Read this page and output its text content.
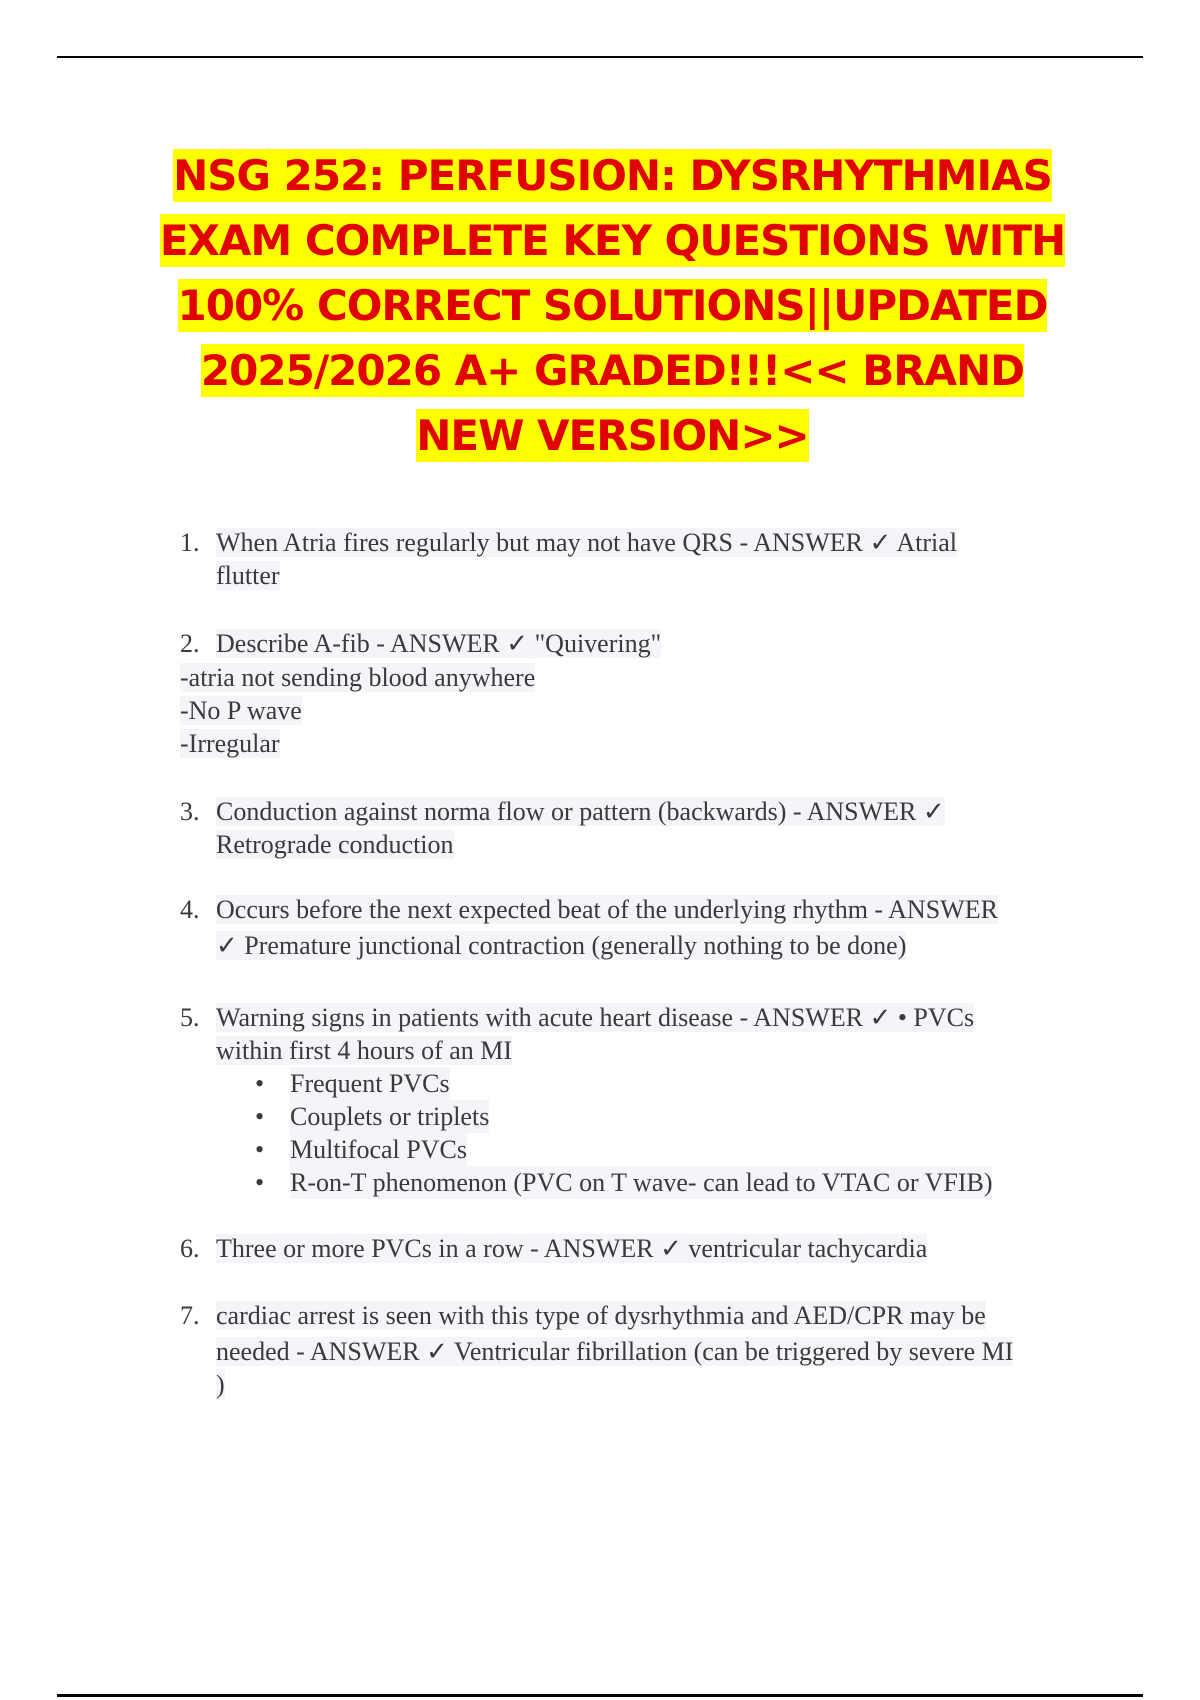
NSG 252: PERFUSION: DYSRHYTHMIAS EXAM COMPLETE KEY QUESTIONS WITH 100% CORRECT SOLUTIONS||UPDATED 2025/2026 A+ GRADED!!!<< BRAND NEW VERSION>>
1. When Atria fires regularly but may not have QRS - ANSWER ✓ Atrial
flutter
2. Describe A-fib - ANSWER ✓ "Quivering"
-atria not sending blood anywhere
-No P wave
-Irregular
3. Conduction against norma flow or pattern (backwards) - ANSWER ✓
Retrograde conduction
4. Occurs before the next expected beat of the underlying rhythm - ANSWER
✓ Premature junctional contraction (generally nothing to be done)
5. Warning signs in patients with acute heart disease - ANSWER ✓ • PVCs
within first 4 hours of an MI
• Frequent PVCs
• Couplets or triplets
• Multifocal PVCs
• R-on-T phenomenon (PVC on T wave- can lead to VTAC or VFIB)
6. Three or more PVCs in a row - ANSWER ✓ ventricular tachycardia
7. cardiac arrest is seen with this type of dysrhythmia and AED/CPR may be
needed - ANSWER ✓ Ventricular fibrillation (can be triggered by severe MI
)
